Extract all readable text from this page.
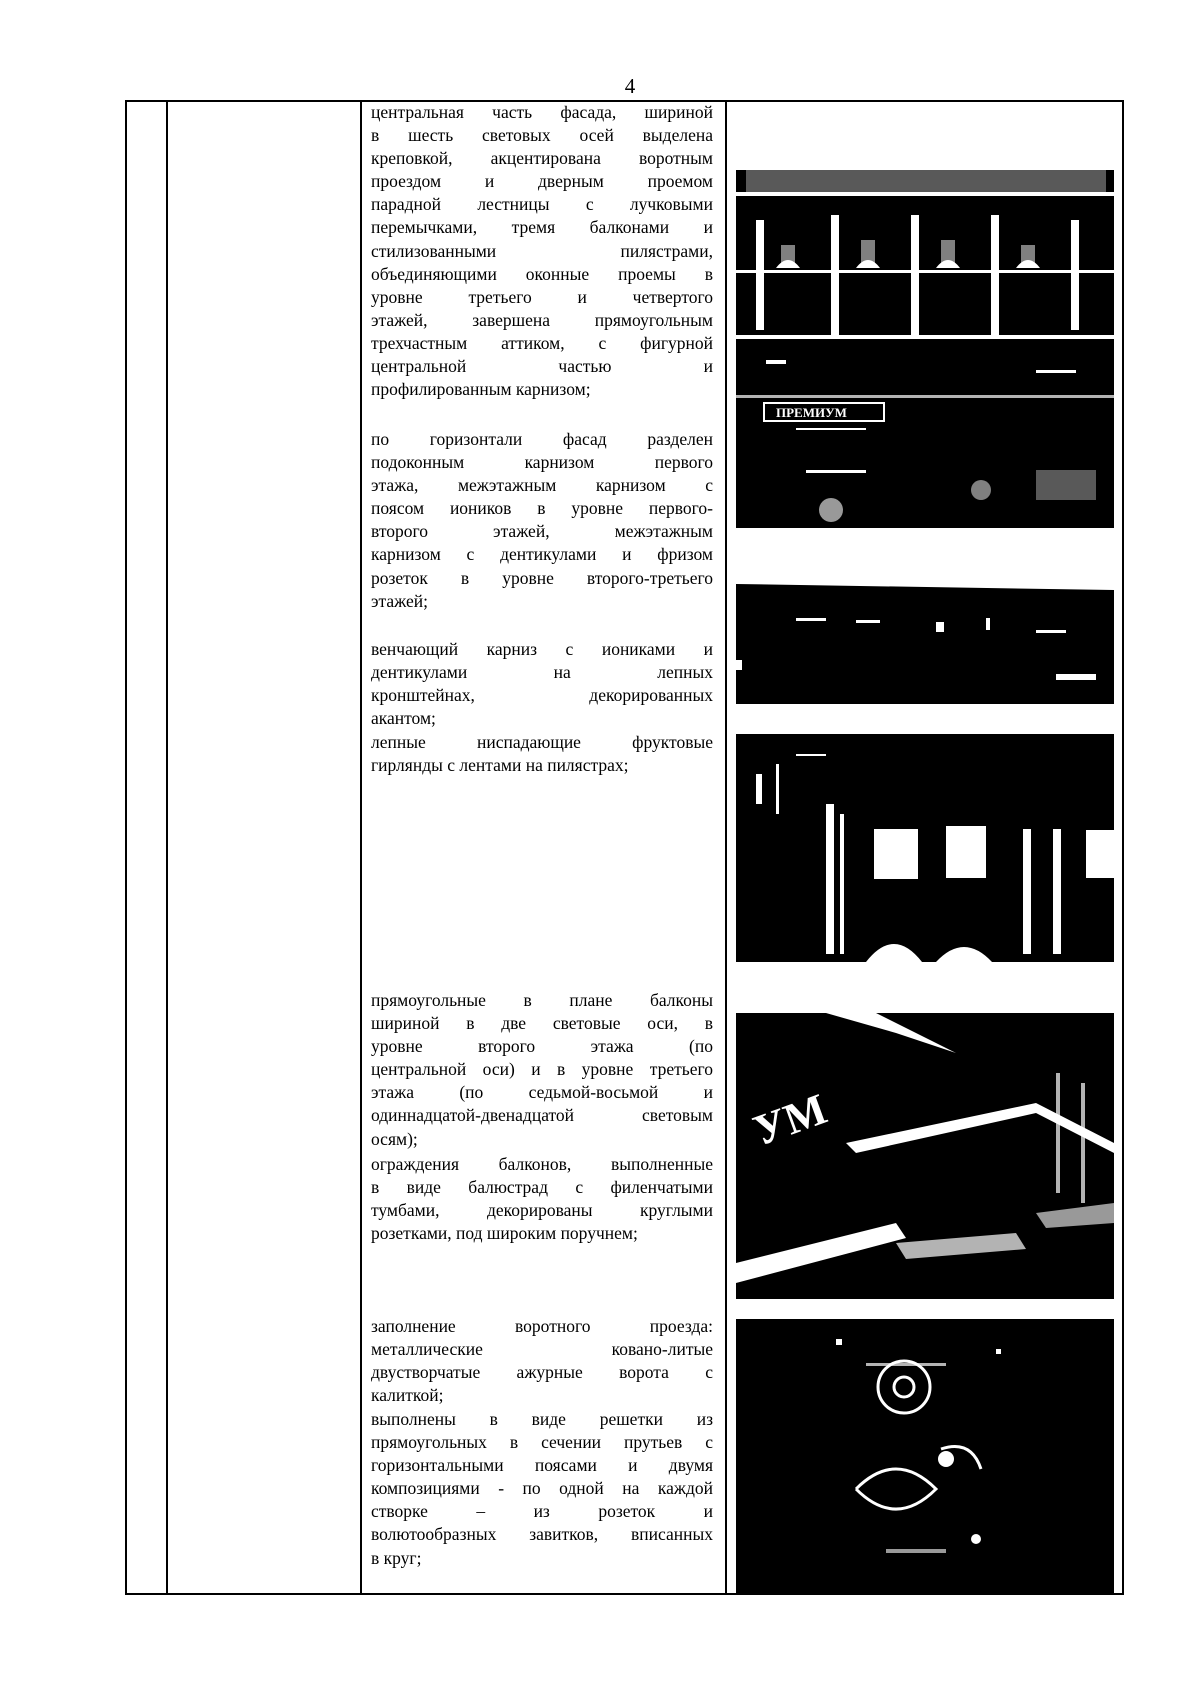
4
центральная часть фасада, шириной
в шесть световых осей выделена
креповкой, акцентирована воротным
проездом и дверным проемом
парадной лестницы с лучковыми
перемычками, тремя балконами и
стилизованными пилястрами,
объединяющими оконные проемы в
уровне третьего и четвертого
этажей, завершена прямоугольным
трехчастным аттиком, с фигурной
центральной частью и
профилированным карнизом;
по горизонтали фасад разделен
подоконным карнизом первого
этажа, межэтажным карнизом с
поясом иоников в уровне первого-
второго этажей, межэтажным
карнизом с дентикулами и фризом
розеток в уровне второго-третьего
этажей;
венчающий карниз с иониками и
дентикулами на лепных
кронштейнах, декорированных
акантом;
лепные ниспадающие фруктовые
гирлянды с лентами на пилястрах;
прямоугольные в плане балконы
шириной в две световые оси, в
уровне второго этажа (по
центральной оси) и в уровне третьего
этажа (по седьмой-восьмой и
одиннадцатой-двенадцатой световым
осям);
ограждения балконов, выполненные
в виде балюстрад с филенчатыми
тумбами, декорированы круглыми
розетками, под широким поручнем;
заполнение воротного проезда:
металлические ковано-литые
двустворчатые ажурные ворота с
калиткой;
выполнены в виде решетки из
прямоугольных в сечении прутьев с
горизонтальными поясами и двумя
композициями - по одной на каждой
створке – из розеток и
волютообразных завитков, вписанных
в круг;
ПРЕМИУМ
УМ
